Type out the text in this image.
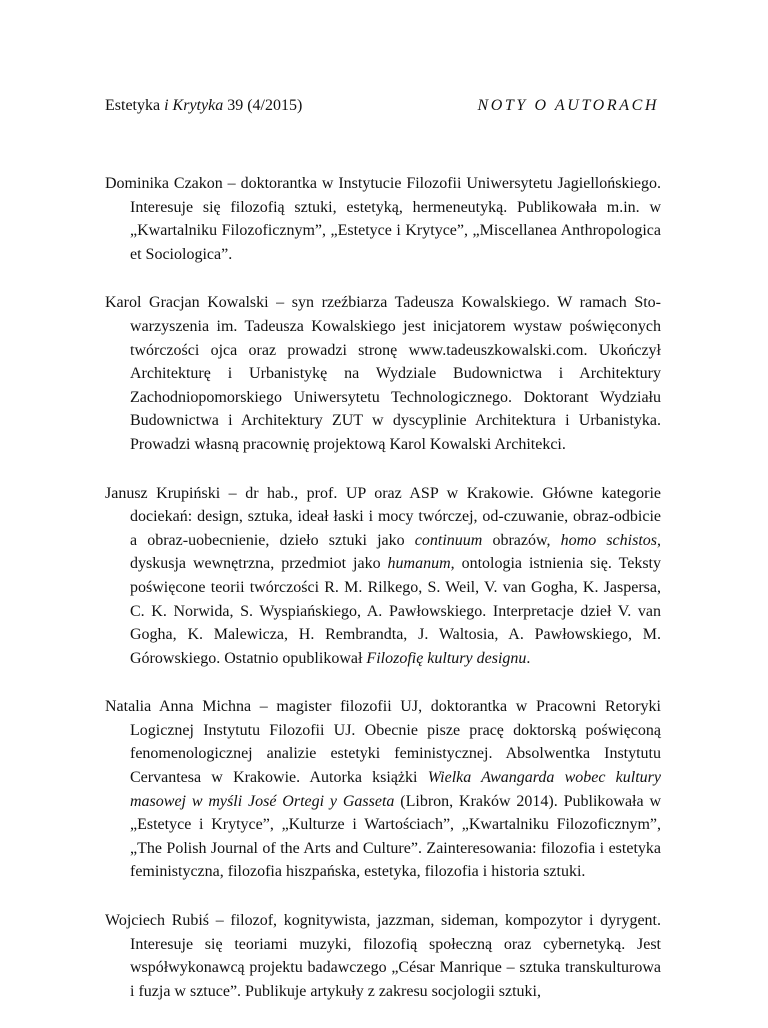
Estetyka i Krytyka 39 (4/2015)	NOTY O AUTORACH

Dominika Czakon – doktorantka w Instytucie Filozofii Uniwersytetu Jagiellońskiego. Interesuje się filozofią sztuki, estetyką, hermeneutyką. Publikowała m.in. w „Kwartalniku Filozoficznym”, „Estetyce i Krytyce”, „Miscellanea Anthropologica et Sociologica”.

Karol Gracjan Kowalski – syn rzeźbiarza Tadeusza Kowalskiego. W ramach Stowarzyszenia im. Tadeusza Kowalskiego jest inicjatorem wystaw poświęconych twórczości ojca oraz prowadzi stronę www.tadeuszkowalski.com. Ukończył Architekturę i Urbanistykę na Wydziale Budownictwa i Architektury Zachodniopomorskiego Uniwersytetu Technologicznego. Doktorant Wydziału Budownictwa i Architektury ZUT w dyscyplinie Architektura i Urbanistyka. Prowadzi własną pracownię projektową Karol Kowalski Architekci.

Janusz Krupiński – dr hab., prof. UP oraz ASP w Krakowie. Główne kategorie dociekań: design, sztuka, ideał łaski i mocy twórczej, od-czuwanie, obraz-odbicie a obraz-uobecnienie, dzieło sztuki jako continuum obrazów, homo schistos, dyskusja wewnętrzna, przedmiot jako humanum, ontologia istnienia się. Teksty poświęcone teorii twórczości R. M. Rilkego, S. Weil, V. van Gogha, K. Jaspersa, C. K. Norwida, S. Wyspiańskiego, A. Pawłowskiego. Interpretacje dzieł V. van Gogha, K. Malewicza, H. Rembrandta, J. Waltosia, A. Pawłowskiego, M. Górowskiego. Ostatnio opublikował Filozofię kultury designu.

Natalia Anna Michna – magister filozofii UJ, doktorantka w Pracowni Retoryki Logicznej Instytutu Filozofii UJ. Obecnie pisze pracę doktorską poświęconą fenomenologicznej analizie estetyki feministycznej. Absolwentka Instytutu Cervantesa w Krakowie. Autorka książki Wielka Awangarda wobec kultury masowej w myśli José Ortegi y Gasseta (Libron, Kraków 2014). Publikowała w „Estetyce i Krytyce”, „Kulturze i Wartościach”, „Kwartalniku Filozoficznym”, „The Polish Journal of the Arts and Culture”. Zainteresowania: filozofia i estetyka feministyczna, filozofia hiszpańska, estetyka, filozofia i historia sztuki.

Wojciech Rubiś – filozof, kognitywista, jazzman, sideman, kompozytor i dyrygent. Interesuje się teoriami muzyki, filozofią społeczną oraz cybernetyką. Jest współwykonawcą projektu badawczego „César Manrique – sztuka transkulturowa i fuzja w sztuce”. Publikuje artykuły z zakresu socjologii sztuki,
